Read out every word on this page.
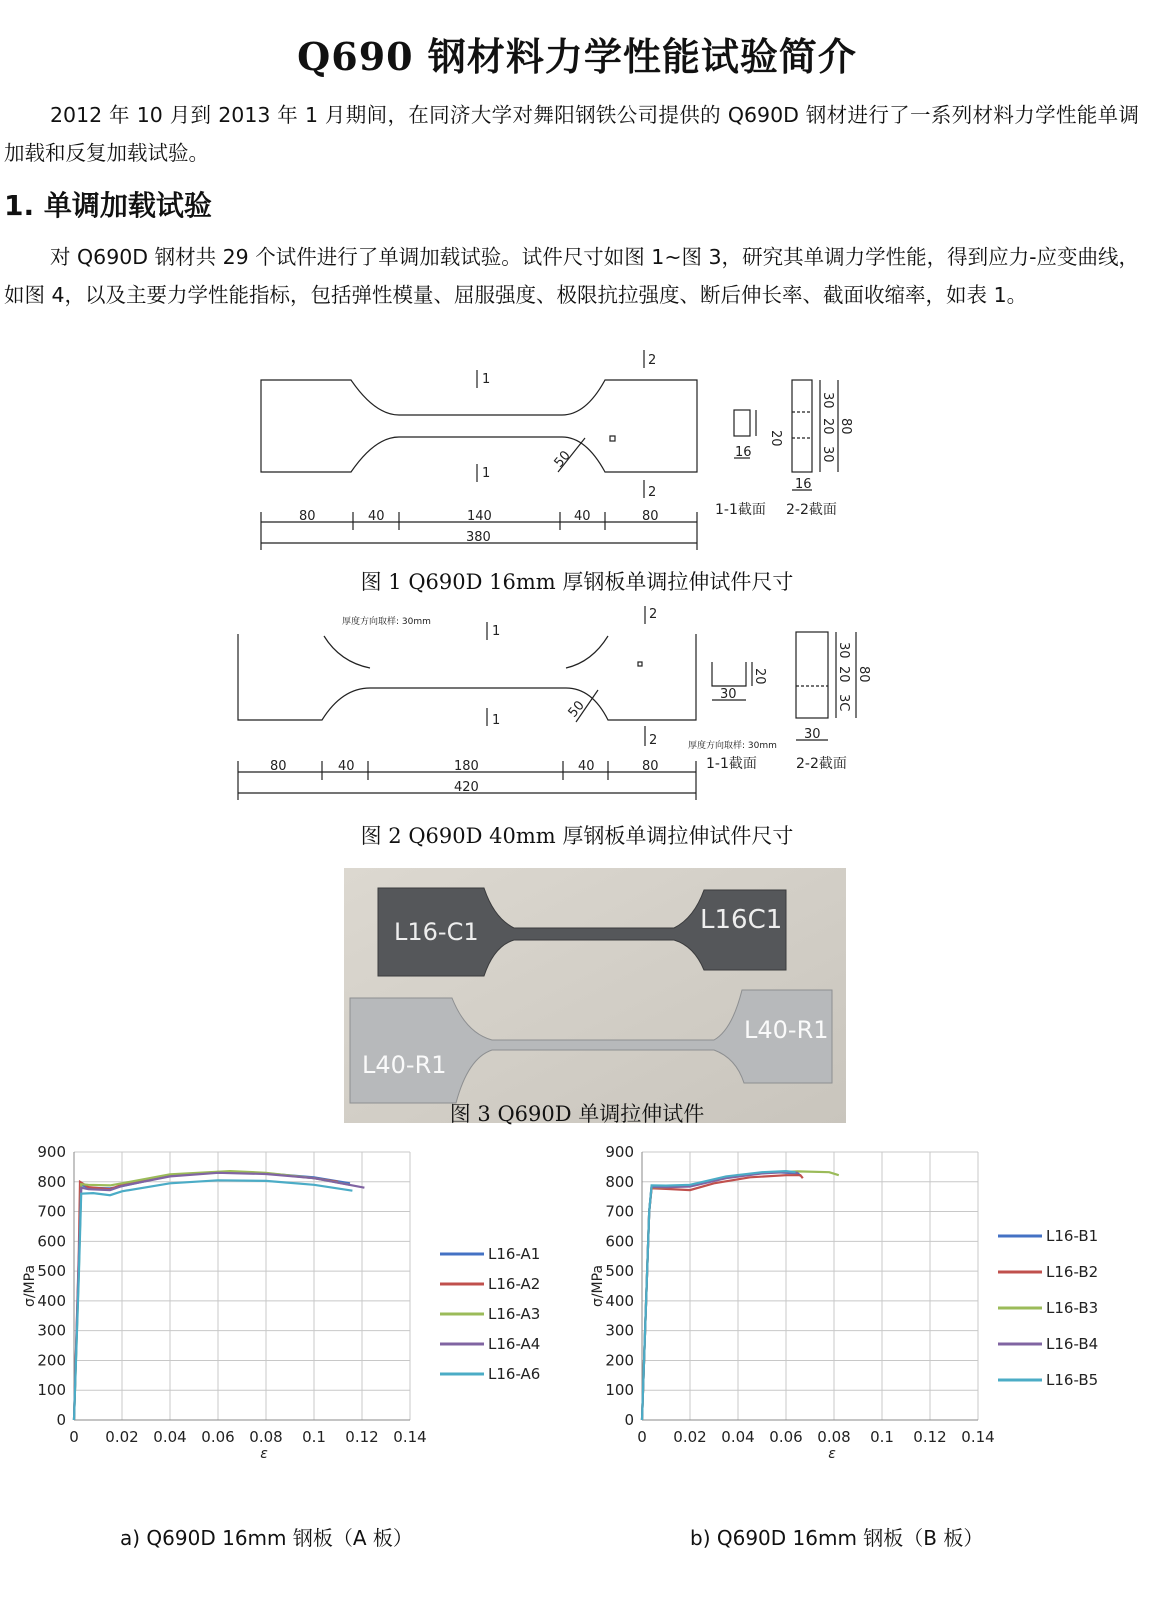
Q690 钢材料力学性能试验简介
2012 年 10 月到 2013 年 1 月期间，在同济大学对舞阳钢铁公司提供的 Q690D 钢材进行了一系列材料力学性能单调加载和反复加载试验。
1. 单调加载试验
对 Q690D 钢材共 29 个试件进行了单调加载试验。试件尺寸如图 1~图 3，研究其单调力学性能，得到应力-应变曲线，如图 4，以及主要力学性能指标，包括弹性模量、屈服强度、极限抗拉强度、断后伸长率、截面收缩率，如表 1。
1
1
2
2
50
80	40	140	40	80
380
20
16
30
20
30
80
16
1-1截面 2-2截面
图 1 Q690D 16mm 厚钢板单调拉伸试件尺寸
厚度方向取样: 30mm
厚度方向取样: 30mm
1
1
2
2
50
80	40	180	40	80
420
20
30
30
20
3C
80
30
1-1截面	2-2截面
图 2 Q690D 40mm 厚钢板单调拉伸试件尺寸
L16-C1	L16C1
L40-R1
L40-R1
图 3 Q690D 单调拉伸试件
0 0.02 0.04 0.06 0.08 0.1 0.12 0.14
0
100
200
300
400
500
600
700
800
900
ε
σ/MPa
L16-A1
L16-A2
L16-A3
L16-A4
L16-A6
0 0.02 0.04 0.06 0.08 0.1 0.12 0.14
0
100
200
300
400
500
600
700
800
900
ε
σ/MPa
L16-B1
L16-B2
L16-B3
L16-B4
L16-B5
a) Q690D 16mm 钢板（A 板）	b) Q690D 16mm 钢板（B 板）
